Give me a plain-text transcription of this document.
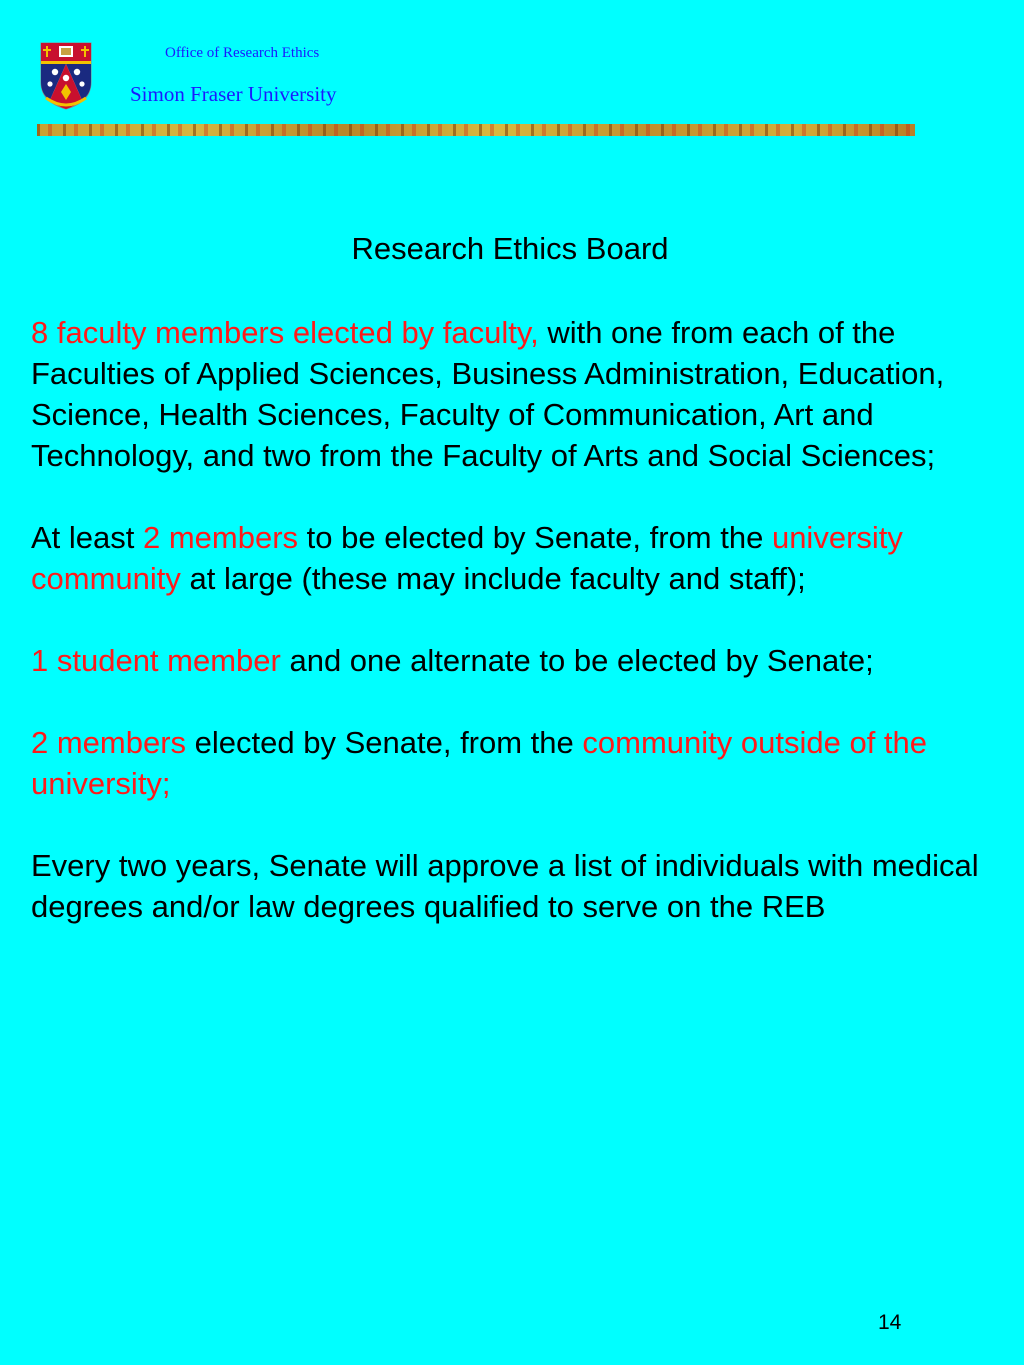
Office of Research Ethics
Simon Fraser University
Research Ethics Board

8 faculty members elected by faculty, with one from each of the Faculties of Applied Sciences, Business Administration, Education, Science, Health Sciences, Faculty of Communication, Art and Technology, and two from the Faculty of Arts and Social Sciences;

At least 2 members to be elected by Senate, from the university community at large (these may include faculty and staff);

1 student member and one alternate to be elected by Senate;

2 members elected by Senate, from the community outside of the university;

Every two years, Senate will approve a list of individuals with medical degrees and/or law degrees qualified to serve on the REB

14
